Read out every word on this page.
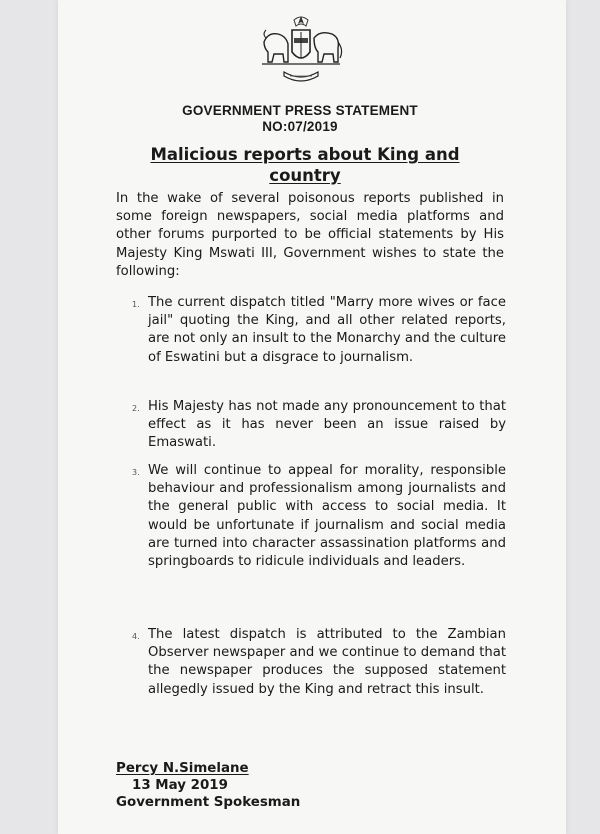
GOVERNMENT PRESS STATEMENT
NO:07/2019
Malicious reports about King and country
In the wake of several poisonous reports published in some foreign newspapers, social media platforms and other forums purported to be official statements by His Majesty King Mswati III, Government wishes to state the following:
1. The current dispatch titled "Marry more wives or face jail" quoting the King, and all other related reports, are not only an insult to the Monarchy and the culture of Eswatini but a disgrace to journalism.
2. His Majesty has not made any pronouncement to that effect as it has never been an issue raised by Emaswati.
3. We will continue to appeal for morality, responsible behaviour and professionalism among journalists and the general public with access to social media. It would be unfortunate if journalism and social media are turned into character assassination platforms and springboards to ridicule individuals and leaders.
4. The latest dispatch is attributed to the Zambian Observer newspaper and we continue to demand that the newspaper produces the supposed statement allegedly issued by the King and retract this insult.
Percy N.Simelane
13 May 2019
Government Spokesman
